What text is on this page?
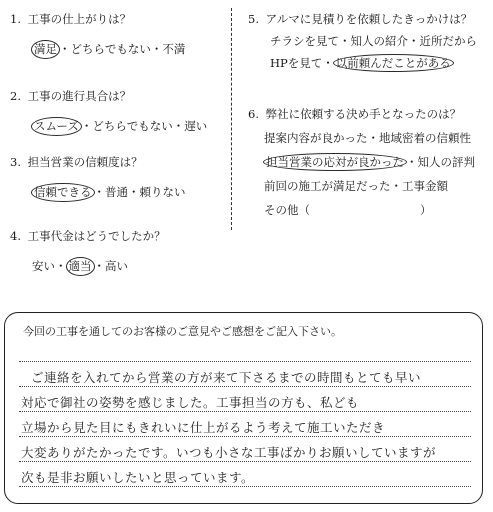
1. 工事の仕上がりは？
満足 ・どちらでもない・不満
2. 工事の進行具合は？
スムーズ ・どちらでもない・遅い
3. 担当営業の信頼度は？
信頼できる ・普通・頼りない
4. 工事代金はどうでしたか？
安い・ 適当 ・高い
5. アルマに見積りを依頼したきっかけは？
チラシを見て・知人の紹介・近所だから
HPを見て・ 以前頼んだことがある
6. 弊社に依頼する決め手となったのは？
提案内容が良かった・地域密着の信頼性
担当営業の応対が良かった ・知人の評判
前回の施工が満足だった・工事金額
その他（	）
今回の工事を通してのお客様のご意見やご感想をご記入下さい。
ご連絡を入れてから営業の方が来て下さるまでの時間もとても早い
対応で御社の姿勢を感じました。工事担当の方も、私ども
立場から見た目にもきれいに仕上がるよう考えて施工いただき
大変ありがたかったです。いつも小さな工事ばかりお願いしていますが
次も是非お願いしたいと思っています。
